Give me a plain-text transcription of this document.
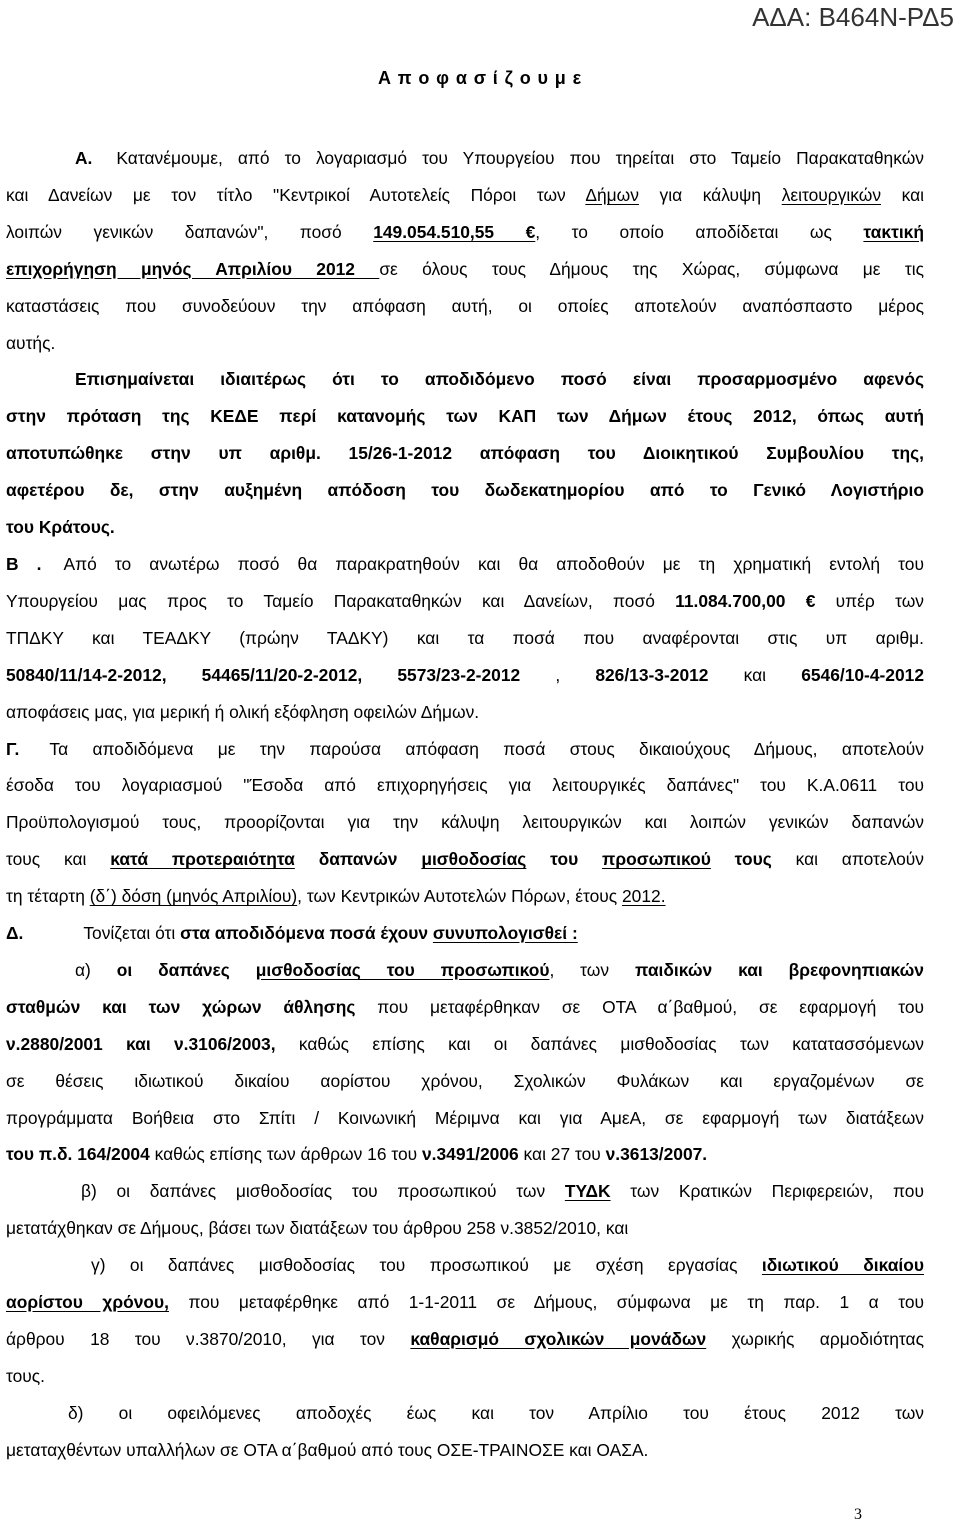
ΑΔΑ: Β464Ν-ΡΔ5
Α π ο φ α σ ί ζ ο υ μ ε

Α. Κατανέμουμε, από το λογαριασμό του Υπουργείου που τηρείται στο Ταμείο Παρακαταθηκών

και Δανείων με τον τίτλο "Κεντρικοί Αυτοτελείς Πόροι των Δήμων για κάλυψη λειτουργικών και

λοιπών γενικών δαπανών", ποσό 149.054.510,55 €, το οποίο αποδίδεται ως τακτική

επιχορήγηση μηνός Απριλίου 2012 σε όλους τους Δήμους της Χώρας, σύμφωνα με τις

καταστάσεις που συνοδεύουν την απόφαση αυτή, οι οποίες αποτελούν αναπόσπαστο μέρος

αυτής.

Επισημαίνεται ιδιαιτέρως ότι το αποδιδόμενο ποσό είναι προσαρμοσμένο αφενός

στην πρόταση της ΚΕΔΕ περί κατανομής των ΚΑΠ των Δήμων έτους 2012, όπως αυτή

αποτυπώθηκε στην υπ αριθμ. 15/26-1-2012 απόφαση του Διοικητικού Συμβουλίου της,

αφετέρου δε, στην αυξημένη απόδοση του δωδεκατημορίου από το Γενικό Λογιστήριο

του Κράτους.

Β . Από το ανωτέρω ποσό θα παρακρατηθούν και θα αποδοθούν με τη χρηματική εντολή του

Υπουργείου μας προς το Ταμείο Παρακαταθηκών και Δανείων, ποσό 11.084.700,00 € υπέρ των

ΤΠΔΚΥ και ΤΕΑΔΚΥ (πρώην ΤΑΔΚΥ) και τα ποσά που αναφέρονται στις υπ αριθμ.

50840/11/14-2-2012, 54465/11/20-2-2012, 5573/23-2-2012 , 826/13-3-2012 και 6546/10-4-2012

αποφάσεις μας, για μερική ή ολική εξόφληση οφειλών Δήμων.

Γ. Τα αποδιδόμενα με την παρούσα απόφαση ποσά στους δικαιούχους Δήμους, αποτελούν

έσοδα του λογαριασμού "Έσοδα από επιχορηγήσεις για λειτουργικές δαπάνες" του Κ.Α.0611 του

Προϋπολογισμού τους, προορίζονται για την κάλυψη λειτουργικών και λοιπών γενικών δαπανών

τους και κατά προτεραιότητα δαπανών μισθοδοσίας του προσωπικού τους και αποτελούν

τη τέταρτη (δ΄) δόση (μηνός Απριλίου), των Κεντρικών Αυτοτελών Πόρων, έτους 2012.

Δ.	Τονίζεται ότι στα αποδιδόμενα ποσά έχουν συνυπολογισθεί :

α) οι δαπάνες μισθοδοσίας του προσωπικού, των παιδικών και βρεφονηπιακών

σταθμών και των χώρων άθλησης που μεταφέρθηκαν σε ΟΤΑ α΄βαθμού, σε εφαρμογή του

ν.2880/2001 και ν.3106/2003, καθώς επίσης και οι δαπάνες μισθοδοσίας των κατατασσόμενων

σε θέσεις ιδιωτικού δικαίου αορίστου χρόνου, Σχολικών Φυλάκων και εργαζομένων σε

προγράμματα Βοήθεια στο Σπίτι / Κοινωνική Μέριμνα και για ΑμεΑ, σε εφαρμογή των διατάξεων

του π.δ. 164/2004 καθώς επίσης των άρθρων 16 του ν.3491/2006 και 27 του ν.3613/2007.

β) οι δαπάνες μισθοδοσίας του προσωπικού των ΤΥΔΚ των Κρατικών Περιφερειών, που

μετατάχθηκαν σε Δήμους, βάσει των διατάξεων του άρθρου 258 ν.3852/2010, και

γ) οι δαπάνες μισθοδοσίας του προσωπικού με σχέση εργασίας ιδιωτικού δικαίου

αορίστου χρόνου, που μεταφέρθηκε από 1-1-2011 σε Δήμους, σύμφωνα με τη παρ. 1 α του

άρθρου 18 του ν.3870/2010, για τον καθαρισμό σχολικών μονάδων χωρικής αρμοδιότητας

τους.

δ) οι οφειλόμενες αποδοχές έως και τον Απρίλιο του έτους 2012 των

μεταταχθέντων υπαλλήλων σε ΟΤΑ α΄βαθμού από τους ΟΣΕ-ΤΡΑΙΝΟΣΕ και ΟΑΣΑ.

3
